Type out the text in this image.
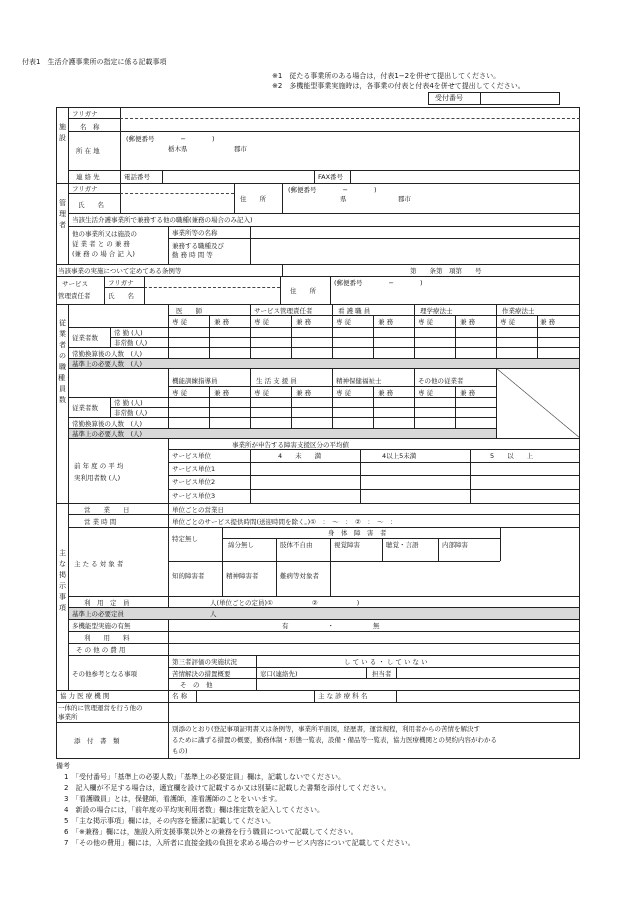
付表1　生活介護事業所の指定に係る記載事項
※1　従たる事業所のある場合は，付表1−2を併せて提出してください。
※2　多機能型事業実施時は，各事業の付表と付表4を併せて提出してください。
受付番号
施設
フリガナ
名　称
所 在 地
(郵便番号　　　　−　　　　)
栃木県	郡市
連 絡 先	電話番号	FAX番号
管理者
フリガナ
氏　　名
住　　所
(郵便番号　　　　−　　　　)
県	郡市
当該生活介護事業所で兼務する他の職種(兼務の場合のみ記入)
他の事業所又は施設の
従 業 者 と の 兼 務
(兼 務 の 場 合 記 入)
事業所等の名称
兼務する職種及び
勤 務 時 間 等
当該事業の実施について定めてある条例等	第　　条第　項第　　号
サービス
管理責任者
フリガナ
氏　　名
住　　所
(郵便番号　　　　−　　　　)
従業者の職種・員数
医　　師	サービス管理責任者	看 護 職 員	理学療法士	作業療法士
専 従	兼 務	専 従	兼 務	専 従	兼 務	専 従	兼 務	専 従	兼 務
従業者数
常 勤 (人)
非常勤 (人)
常勤換算後の人数　(人)
基準上の必要人数　(人)
機能訓練指導員	生 活 支 援 員	精神保健福祉士	その他の従業者
専 従	兼 務	専 従	兼 務	専 従	兼 務	専 従	兼 務
従業者数
常 勤 (人)
非常勤 (人)
常勤換算後の人数　(人)
基準上の必要人数　(人)
事業所が申告する障害支援区分の平均値
前 年 度 の 平 均
実利用者数 (人)
サービス単位	4　　未　　満	4以上5未満	5　　以　　上
サービス単位1
サービス単位2
サービス単位3
主な掲示事項
営　　業　　日	単位ごとの営業日
営 業 時 間	単位ごとのサービス提供時間(送迎時間を除く。)①　：　〜　：　②　：　〜　：
主 た る 対 象 者
特定無し
身　体　障　害　者
綿分無し	肢体不自由	視覚障害	聴覚・言語	内部障害
知的障害者	精神障害者	難病等対象者
利　用　定　員	人(単位ごとの定員)①　　　　　　②　　　　　　)
基準上の必要定員	人
多機能型実施の有無	有　　　　　　・　　　　　　無
利　　用　　料
そ の 他 の 費 用
その他参考となる事項
第三者評価の実施状況	し て い る ・ し て い な い
苦情解決の措置概要	窓口(連絡先)	担当者
そ　の　他
協 力 医 療 機 関	名 称	主 な 診 療 科 名
一体的に管理運営を行う他の
事業所
添　付　書　類
別添のとおり(登記事項証明書又は条例等，事業所平面図，経歴書，運営規程，利用者からの苦情を解決す
るために講ずる措置の概要，勤務体制・形態一覧表，設備・備品等一覧表，協力医療機関との契約内容がわかる
もの)
備考
1　「受付番号」「基準上の必要人数」「基準上の必要定員」欄は，記載しないでください。
2　記入欄が不足する場合は，適宜欄を設けて記載するか又は別葉に記載した書類を添付してください。
3　「看護職員」とは，保健師，看護師，准看護師のことをいいます。
4　新設の場合には，「前年度の平均実利用者数」欄は推定数を記入してください。
5　「主な掲示事項」欄には，その内容を簡潔に記載してください。
6　「※兼務」欄には，施設入所支援事業以外との兼務を行う職員について記載してください。
7　「その他の費用」欄には，入所者に直接金銭の負担を求める場合のサービス内容について記載してください。
